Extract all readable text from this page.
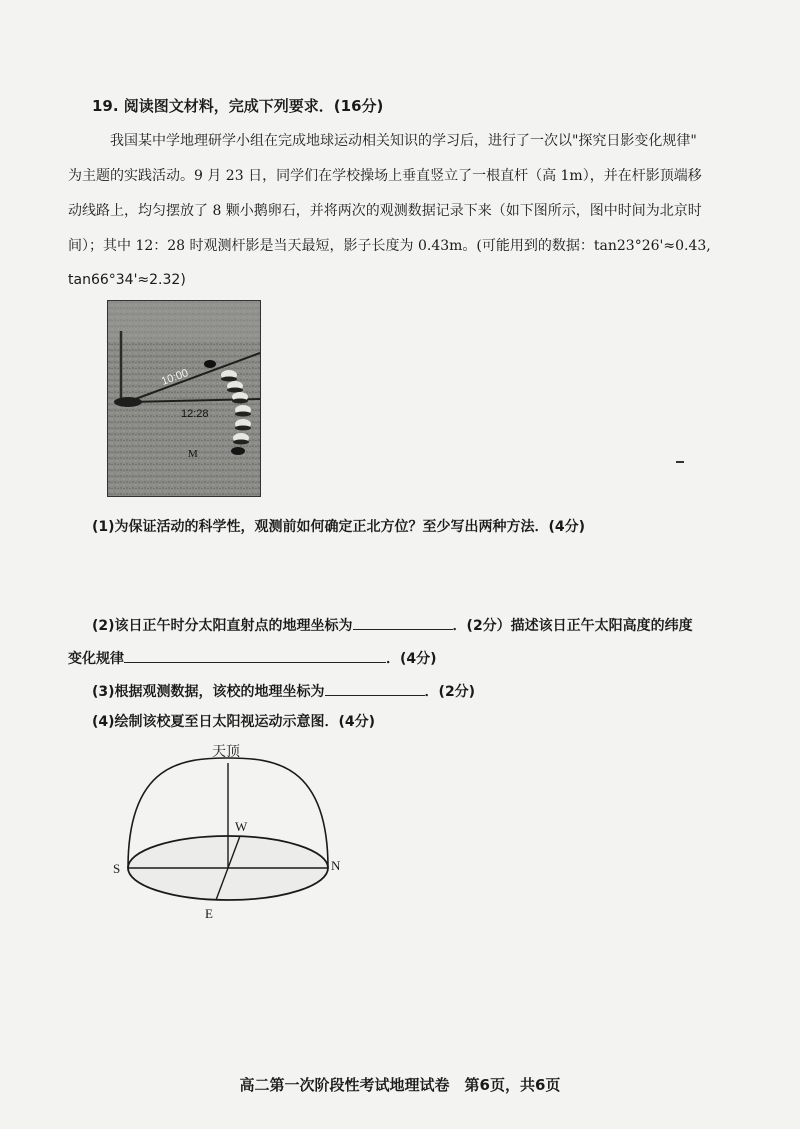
19. 阅读图文材料，完成下列要求．(16分)
我国某中学地理研学小组在完成地球运动相关知识的学习后，进行了一次以"探究日影变化规律"
为主题的实践活动。9 月 23 日，同学们在学校操场上垂直竖立了一根直杆（高 1m），并在杆影顶端移
动线路上，均匀摆放了 8 颗小鹅卵石，并将两次的观测数据记录下来（如下图所示，图中时间为北京时
间）；其中 12：28 时观测杆影是当天最短，影子长度为 0.43m。(可能用到的数据：tan23°26'≈0.43,
tan66°34'≈2.32)
10:00
12:28
M
(1)为保证活动的科学性，观测前如何确定正北方位？至少写出两种方法．(4分)
(2)该日正午时分太阳直射点的地理坐标为	．(2分）描述该日正午太阳高度的纬度
变化规律	．(4分)
(3)根据观测数据，该校的地理坐标为	．(2分)
(4)绘制该校夏至日太阳视运动示意图．(4分)
天顶
W
S	N
E
高二第一次阶段性考试地理试卷　第6页，共6页
